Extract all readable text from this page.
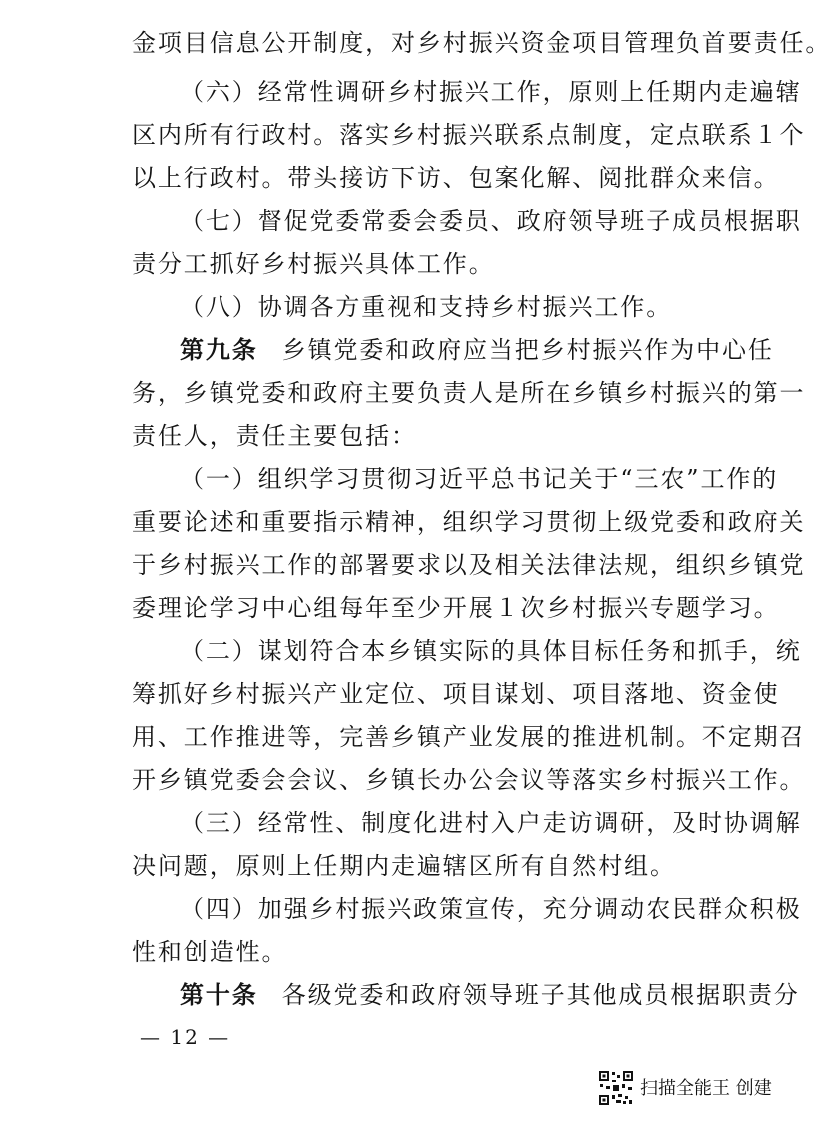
金项目信息公开制度，对乡村振兴资金项目管理负首要责任。
（六）经常性调研乡村振兴工作，原则上任期内走遍辖
区内所有行政村。落实乡村振兴联系点制度，定点联系１个
以上行政村。带头接访下访、包案化解、阅批群众来信。
（七）督促党委常委会委员、政府领导班子成员根据职
责分工抓好乡村振兴具体工作。
（八）协调各方重视和支持乡村振兴工作。
第九条 乡镇党委和政府应当把乡村振兴作为中心任
务，乡镇党委和政府主要负责人是所在乡镇乡村振兴的第一
责任人，责任主要包括：
（一）组织学习贯彻习近平总书记关于“三农”工作的
重要论述和重要指示精神，组织学习贯彻上级党委和政府关
于乡村振兴工作的部署要求以及相关法律法规，组织乡镇党
委理论学习中心组每年至少开展１次乡村振兴专题学习。
（二）谋划符合本乡镇实际的具体目标任务和抓手，统
筹抓好乡村振兴产业定位、项目谋划、项目落地、资金使
用、工作推进等，完善乡镇产业发展的推进机制。不定期召
开乡镇党委会会议、乡镇长办公会议等落实乡村振兴工作。
（三）经常性、制度化进村入户走访调研，及时协调解
决问题，原则上任期内走遍辖区所有自然村组。
（四）加强乡村振兴政策宣传，充分调动农民群众积极
性和创造性。
第十条 各级党委和政府领导班子其他成员根据职责分
— 12 —
扫描全能王 创建
